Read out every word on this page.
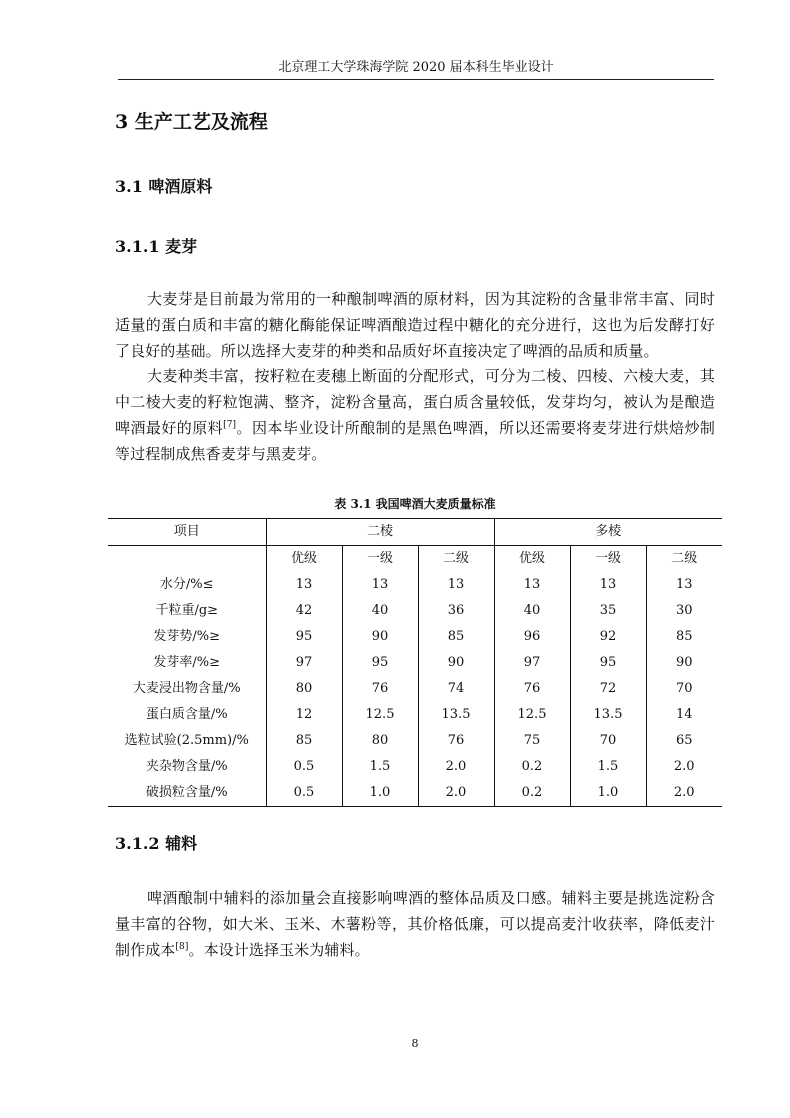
北京理工大学珠海学院 2020 届本科生毕业设计
3 生产工艺及流程
3.1 啤酒原料
3.1.1 麦芽

大麦芽是目前最为常用的一种酿制啤酒的原材料，因为其淀粉的含量非常丰富、同时适量的蛋白质和丰富的糖化酶能保证啤酒酿造过程中糖化的充分进行，这也为后发酵打好了良好的基础。所以选择大麦芽的种类和品质好坏直接决定了啤酒的品质和质量。

大麦种类丰富，按籽粒在麦穗上断面的分配形式，可分为二棱、四棱、六棱大麦，其中二棱大麦的籽粒饱满、整齐，淀粉含量高，蛋白质含量较低，发芽均匀，被认为是酿造啤酒最好的原料[7]。因本毕业设计所酿制的是黑色啤酒，所以还需要将麦芽进行烘焙炒制等过程制成焦香麦芽与黑麦芽。

表 3.1 我国啤酒大麦质量标准
项目	二棱			多棱		
	优级	一级	二级	优级	一级	二级
水分/%≤	13	13	13	13	13	13
千粒重/g≥	42	40	36	40	35	30
发芽势/%≥	95	90	85	96	92	85
发芽率/%≥	97	95	90	97	95	90
大麦浸出物含量/%	80	76	74	76	72	70
蛋白质含量/%	12	12.5	13.5	12.5	13.5	14
选粒试验(2.5mm)/%	85	80	76	75	70	65
夹杂物含量/%	0.5	1.5	2.0	0.2	1.5	2.0
破损粒含量/%	0.5	1.0	2.0	0.2	1.0	2.0
3.1.2 辅料

啤酒酿制中辅料的添加量会直接影响啤酒的整体品质及口感。辅料主要是挑选淀粉含量丰富的谷物，如大米、玉米、木薯粉等，其价格低廉，可以提高麦汁收获率，降低麦汁制作成本[8]。本设计选择玉米为辅料。

8
